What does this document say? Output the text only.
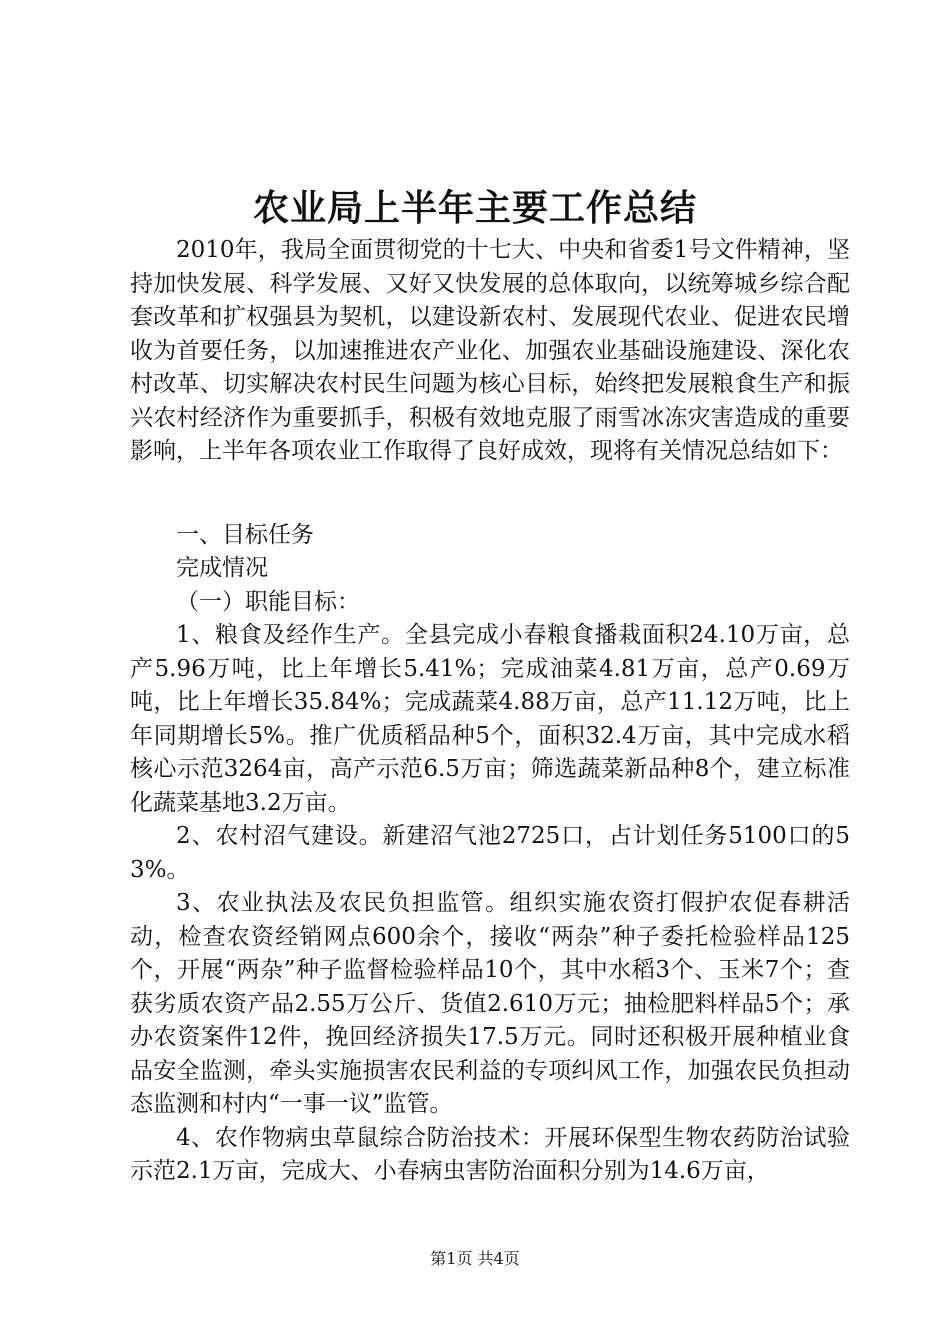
农业局上半年主要工作总结

2010年，我局全面贯彻党的十七大、中央和省委1号文件精神，坚持加快发展、科学发展、又好又快发展的总体取向，以统筹城乡综合配套改革和扩权强县为契机，以建设新农村、发展现代农业、促进农民增收为首要任务，以加速推进农产业化、加强农业基础设施建设、深化农村改革、切实解决农村民生问题为核心目标，始终把发展粮食生产和振兴农村经济作为重要抓手，积极有效地克服了雨雪冰冻灾害造成的重要影响，上半年各项农业工作取得了良好成效，现将有关情况总结如下：

一、目标任务

完成情况

（一）职能目标：

1、粮食及经作生产。全县完成小春粮食播栽面积24.10万亩，总产5.96万吨，比上年增长5.41%；完成油菜4.81万亩，总产0.69万吨，比上年增长35.84%；完成蔬菜4.88万亩，总产11.12万吨，比上年同期增长5%。推广优质稻品种5个，面积32.4万亩，其中完成水稻核心示范3264亩，高产示范6.5万亩；筛选蔬菜新品种8个，建立标准化蔬菜基地3.2万亩。

2、农村沼气建设。新建沼气池2725口，占计划任务5100口的53%。

3、农业执法及农民负担监管。组织实施农资打假护农促春耕活动，检查农资经销网点600余个，接收“两杂”种子委托检验样品125个，开展“两杂”种子监督检验样品10个，其中水稻3个、玉米7个；查获劣质农资产品2.55万公斤、货值2.610万元；抽检肥料样品5个；承办农资案件12件，挽回经济损失17.5万元。同时还积极开展种植业食品安全监测，牵头实施损害农民利益的专项纠风工作，加强农民负担动态监测和村内“一事一议”监管。

4、农作物病虫草鼠综合防治技术：开展环保型生物农药防治试验示范2.1万亩，完成大、小春病虫害防治面积分别为14.6万亩，

第1页 共4页
